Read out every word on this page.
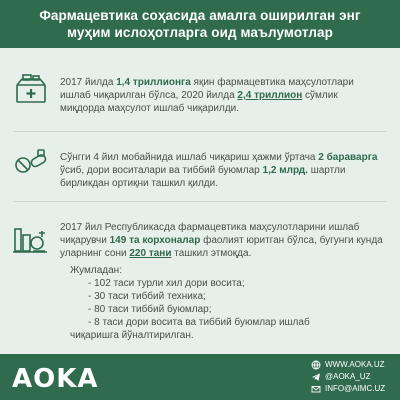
Фармацевтика соҳасида амалга оширилган энг
муҳим ислоҳотларга оид маълумотлар
2017 йилда 1,4 триллионга яқин фармацевтика маҳсулотлари ишлаб чиқарилган бўлса, 2020 йилда 2,4 триллион сўмлик миқдорда маҳсулот ишлаб чиқарилди.
Сўнгги 4 йил мобайнида ишлаб чиқариш ҳажми ўртача 2 бараварга ўсиб, дори воситалари ва тиббий буюмлар 1,2 млрд. шартли бирликдан ортиқни ташкил қилди.
2017 йил Республикасда фармацевтика маҳсулотларини ишлаб чиқарувчи 149 та корхоналар фаолият юритган бўлса, бугунги кунда уларнинг сони 220 тани ташкил этмоқда.
Жумладан:
- 102 таси турли хил дори восита;
- 30 таси тиббий техника;
- 80 таси тиббий буюмлар;
- 8 таси дори восита ва тиббий буюмлар ишлаб
чиқаришга йўналтирилган.
AOKA	WWW.AOKA.UZ
@AOKA_UZ
INFO@AIMC.UZ
